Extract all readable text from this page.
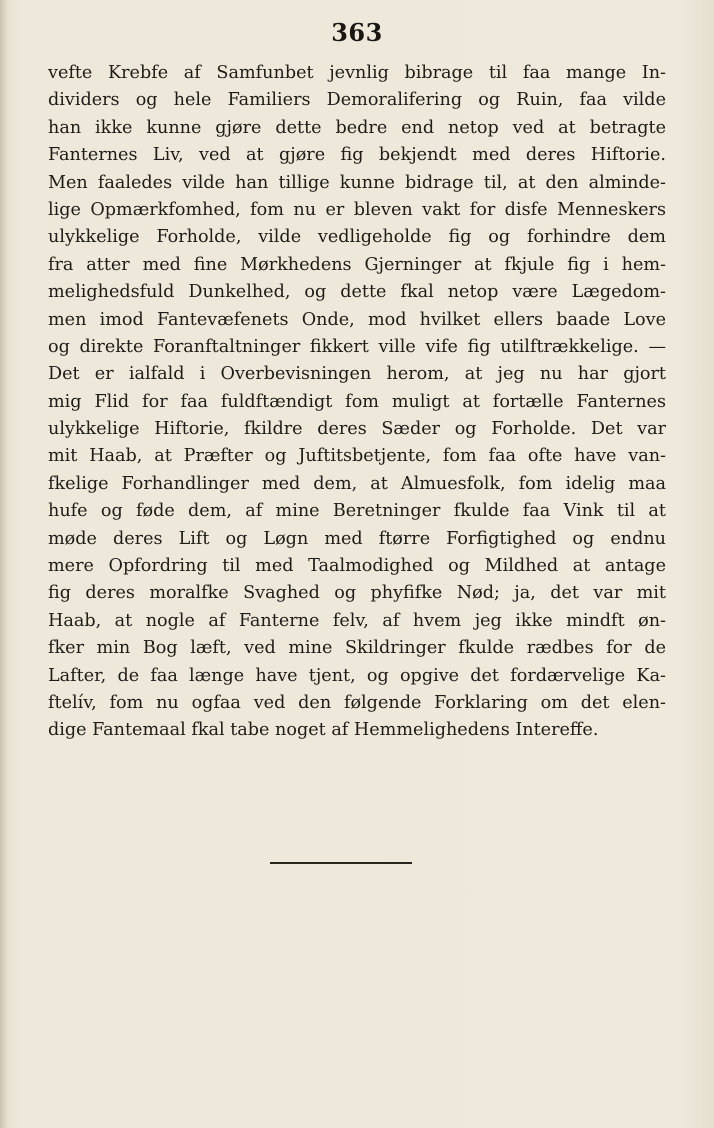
363
vefte Krebfe af Samfunbet jevnlig bibrage til faa mange In-
dividers og hele Familiers Demoralifering og Ruin, faa vilde
han ikke kunne gjøre dette bedre end netop ved at betragte
Fanternes Liv, ved at gjøre fig bekjendt med deres Hiftorie.
Men faaledes vilde han tillige kunne bidrage til, at den alminde-
lige Opmærkfomhed, fom nu er bleven vakt for disfe Menneskers
ulykkelige Forholde, vilde vedligeholde fig og forhindre dem
fra atter med fine Mørkhedens Gjerninger at fkjule fig i hem-
melighedsfuld Dunkelhed, og dette fkal netop være Lægedom-
men imod Fantevæfenets Onde, mod hvilket ellers baade Love
og direkte Foranftaltninger fikkert ville vife fig utilftrækkelige. —
Det er ialfald i Overbevisningen herom, at jeg nu har gjort
mig Flid for faa fuldftændigt fom muligt at fortælle Fanternes
ulykkelige Hiftorie, fkildre deres Sæder og Forholde. Det var
mit Haab, at Præfter og Juftitsbetjente, fom faa ofte have van-
fkelige Forhandlinger med dem, at Almuesfolk, fom idelig maa
hufe og føde dem, af mine Beretninger fkulde faa Vink til at
møde deres Lift og Løgn med ftørre Forfigtighed og endnu
mere Opfordring til med Taalmodighed og Mildhed at antage
fig deres moralfke Svaghed og phyfifke Nød; ja, det var mit
Haab, at nogle af Fanterne felv, af hvem jeg ikke mindft øn-
fker min Bog læft, ved mine Skildringer fkulde rædbes for de
Lafter, de faa længe have tjent, og opgive det fordærvelige Ka-
ftelív, fom nu ogfaa ved den følgende Forklaring om det elen-
dige Fantemaal fkal tabe noget af Hemmelighedens Intereffe.
